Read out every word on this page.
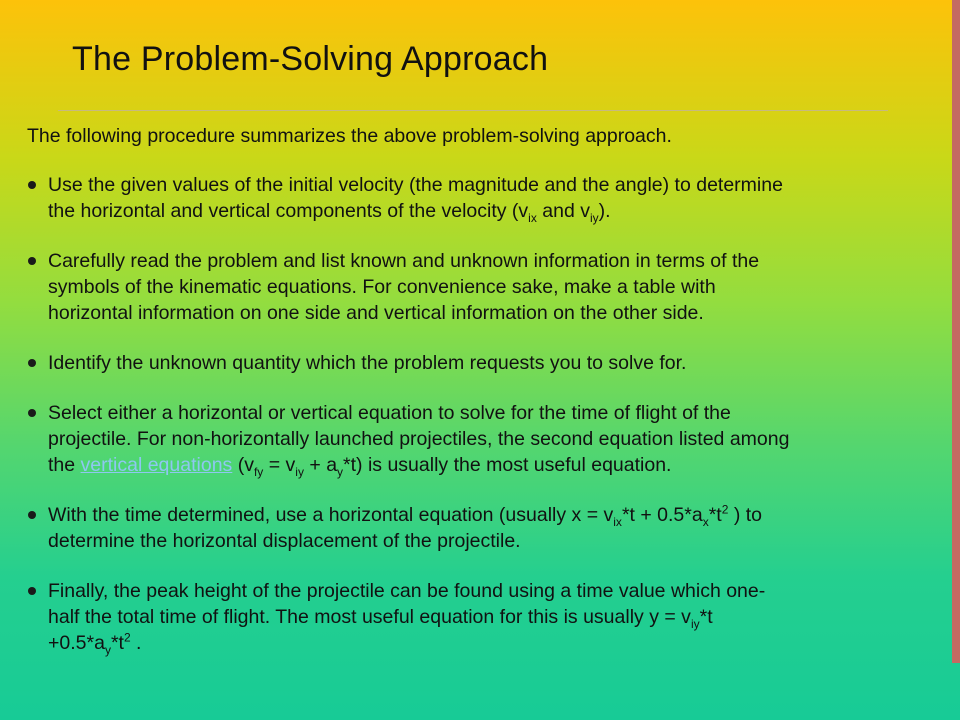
The Problem-Solving Approach

The following procedure summarizes the above problem-solving approach.

Use the given values of the initial velocity (the magnitude and the angle) to determine
the horizontal and vertical components of the velocity ($v_{ix}$ and $v_{iy}$).
Carefully read the problem and list known and unknown information in terms of the
symbols of the kinematic equations. For convenience sake, make a table with
horizontal information on one side and vertical information on the other side.
Identify the unknown quantity which the problem requests you to solve for.
Select either a horizontal or vertical equation to solve for the time of flight of the
projectile. For non-horizontally launched projectiles, the second equation listed among
the vertical equations $(v_{fy} = v_{iy} + a_y*t)$ is usually the most useful equation.
With the time determined, use a horizontal equation (usually $x = v_{ix}*t + 0.5*a_x*t^2$ ) to
determine the horizontal displacement of the projectile.
Finally, the peak height of the projectile can be found using a time value which one-
half the total time of flight. The most useful equation for this is usually $y = v_{iy}*t$
$+0.5*a_y*t^2$ .
